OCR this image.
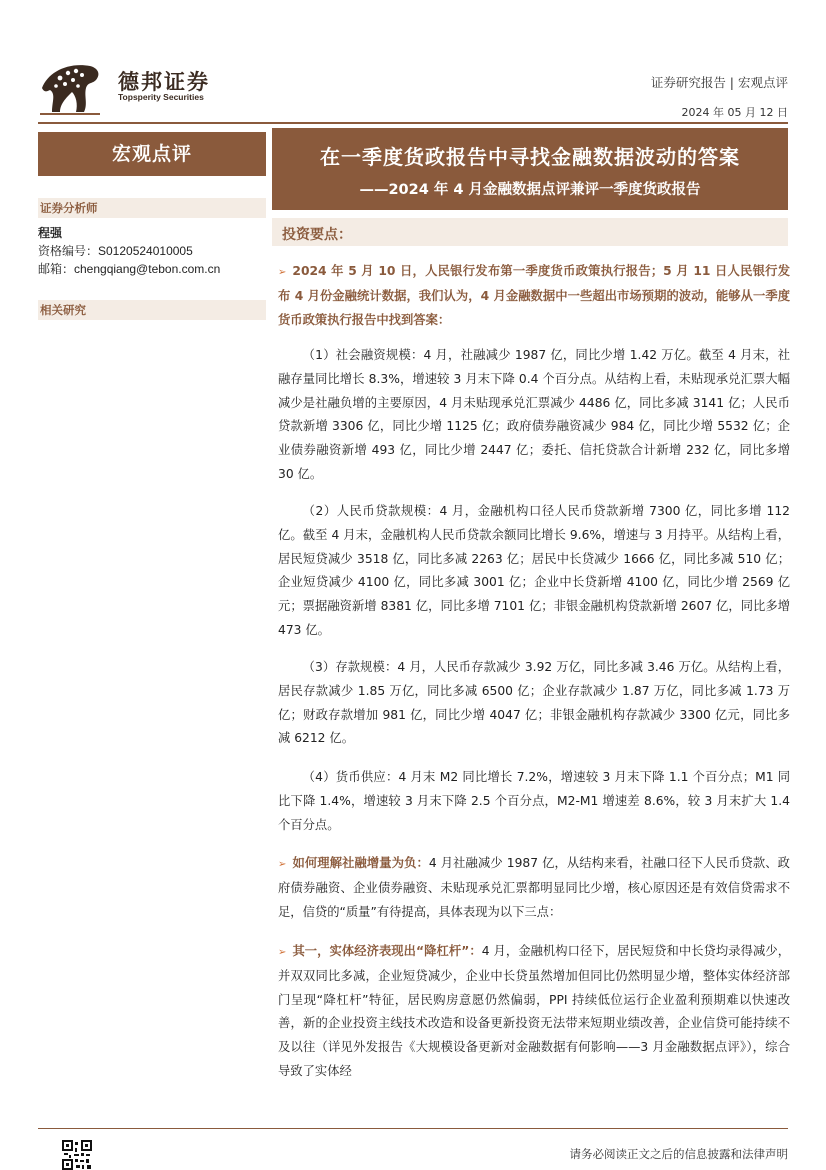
德邦证券
Topsperity Securities
证券研究报告 | 宏观点评
2024 年 05 月 12 日
宏观点评
证券分析师
程强
资格编号：S0120524010005
邮箱：chengqiang@tebon.com.cn
相关研究
在一季度货政报告中寻找金融数据波动的答案
——2024 年 4 月金融数据点评兼评一季度货政报告
投资要点：
➢ 2024 年 5 月 10 日，人民银行发布第一季度货币政策执行报告；5 月 11 日人民银行发布 4 月份金融统计数据，我们认为，4 月金融数据中一些超出市场预期的波动，能够从一季度货币政策执行报告中找到答案：
（1）社会融资规模：4 月，社融减少 1987 亿，同比少增 1.42 万亿。截至 4 月末，社融存量同比增长 8.3%，增速较 3 月末下降 0.4 个百分点。从结构上看，未贴现承兑汇票大幅减少是社融负增的主要原因，4 月未贴现承兑汇票减少 4486 亿，同比多减 3141 亿；人民币贷款新增 3306 亿，同比少增 1125 亿；政府债券融资减少 984 亿，同比少增 5532 亿；企业债券融资新增 493 亿，同比少增 2447 亿；委托、信托贷款合计新增 232 亿，同比多增 30 亿。
（2）人民币贷款规模：4 月，金融机构口径人民币贷款新增 7300 亿，同比多增 112 亿。截至 4 月末，金融机构人民币贷款余额同比增长 9.6%，增速与 3 月持平。从结构上看，居民短贷减少 3518 亿，同比多减 2263 亿；居民中长贷减少 1666 亿，同比多减 510 亿；企业短贷减少 4100 亿，同比多减 3001 亿；企业中长贷新增 4100 亿，同比少增 2569 亿元；票据融资新增 8381 亿，同比多增 7101 亿；非银金融机构贷款新增 2607 亿，同比多增 473 亿。
（3）存款规模：4 月，人民币存款减少 3.92 万亿，同比多减 3.46 万亿。从结构上看，居民存款减少 1.85 万亿，同比多减 6500 亿；企业存款减少 1.87 万亿，同比多减 1.73 万亿；财政存款增加 981 亿，同比少增 4047 亿；非银金融机构存款减少 3300 亿元，同比多减 6212 亿。
（4）货币供应：4 月末 M2 同比增长 7.2%，增速较 3 月末下降 1.1 个百分点；M1 同比下降 1.4%，增速较 3 月末下降 2.5 个百分点，M2-M1 增速差 8.6%，较 3 月末扩大 1.4 个百分点。
➢ 如何理解社融增量为负：4 月社融减少 1987 亿，从结构来看，社融口径下人民币贷款、政府债券融资、企业债券融资、未贴现承兑汇票都明显同比少增，核心原因还是有效信贷需求不足，信贷的“质量”有待提高，具体表现为以下三点：
➢ 其一，实体经济表现出“降杠杆”：4 月，金融机构口径下，居民短贷和中长贷均录得减少，并双双同比多减，企业短贷减少，企业中长贷虽然增加但同比仍然明显少增，整体实体经济部门呈现“降杠杆”特征，居民购房意愿仍然偏弱，PPI 持续低位运行企业盈利预期难以快速改善，新的企业投资主线技术改造和设备更新投资无法带来短期业绩改善，企业信贷可能持续不及以往（详见外发报告《大规模设备更新对金融数据有何影响——3 月金融数据点评》），综合导致了实体经
请务必阅读正文之后的信息披露和法律声明
